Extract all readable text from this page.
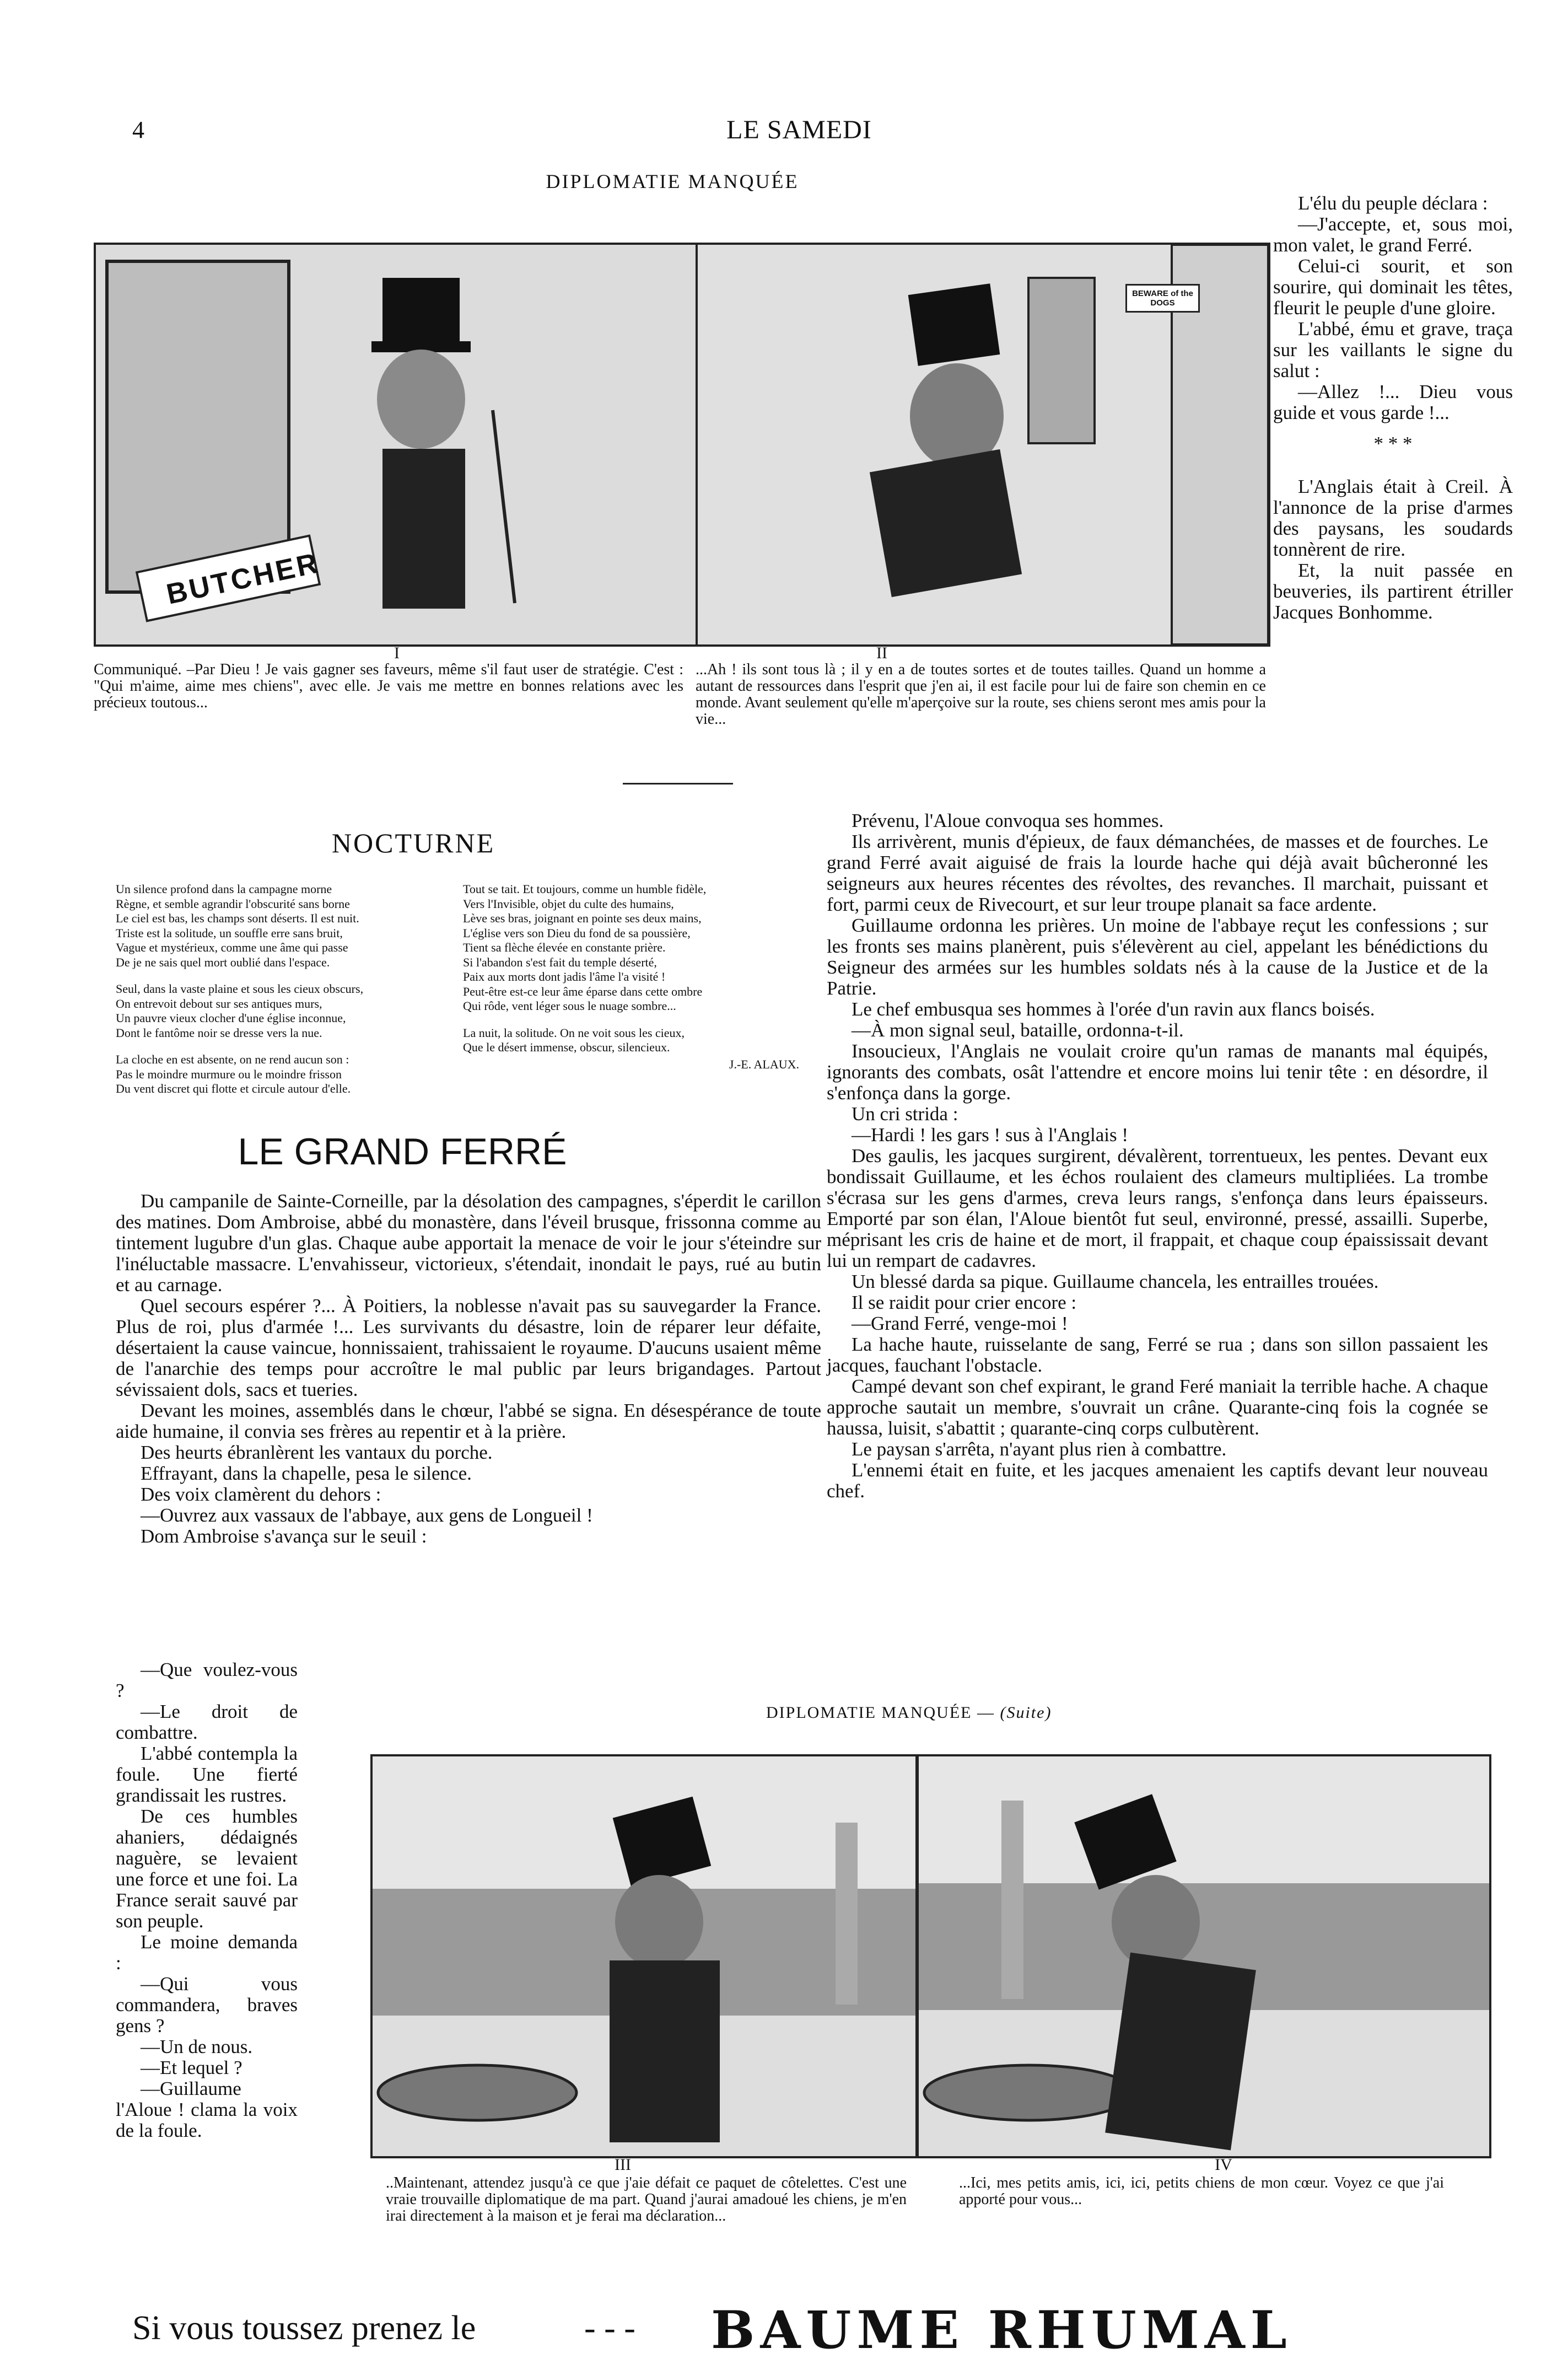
4	LE SAMEDI
DIPLOMATIE MANQUÉE
BUTCHER
BEWARE of the DOGS
I
Communiqué. –Par Dieu ! Je vais gagner ses faveurs, même s'il faut user de stratégie. C'est : "Qui m'aime, aime mes chiens", avec elle. Je vais me mettre en bonnes relations avec les précieux toutous...
II
...Ah ! ils sont tous là ; il y en a de toutes sortes et de toutes tailles. Quand un homme a autant de ressources dans l'esprit que j'en ai, il est facile pour lui de faire son chemin en ce monde. Avant seulement qu'elle m'aperçoive sur la route, ses chiens seront mes amis pour la vie...

L'élu du peuple déclara :

—J'accepte, et, sous moi, mon valet, le grand Ferré.

Celui-ci sourit, et son sourire, qui dominait les têtes, fleurit le peuple d'une gloire.

L'abbé, ému et grave, traça sur les vaillants le signe du salut :

—Allez !... Dieu vous guide et vous garde !...

* * *

L'Anglais était à Creil. À l'annonce de la prise d'armes des paysans, les soudards tonnèrent de rire.

Et, la nuit passée en beuveries, ils partirent étriller Jacques Bonhomme.

NOCTURNE

Un silence profond dans la campagne morne
Règne, et semble agrandir l'obscurité sans borne
Le ciel est bas, les champs sont déserts. Il est nuit.
Triste est la solitude, un souffle erre sans bruit,
Vague et mystérieux, comme une âme qui passe
De je ne sais quel mort oublié dans l'espace.

Seul, dans la vaste plaine et sous les cieux obscurs,
On entrevoit debout sur ses antiques murs,
Un pauvre vieux clocher d'une église inconnue,
Dont le fantôme noir se dresse vers la nue.

La cloche en est absente, on ne rend aucun son :
Pas le moindre murmure ou le moindre frisson
Du vent discret qui flotte et circule autour d'elle.

Tout se tait. Et toujours, comme un humble fidèle,
Vers l'Invisible, objet du culte des humains,
Lève ses bras, joignant en pointe ses deux mains,
L'église vers son Dieu du fond de sa poussière,
Tient sa flèche élevée en constante prière.
Si l'abandon s'est fait du temple déserté,
Paix aux morts dont jadis l'âme l'a visité !
Peut-être est-ce leur âme éparse dans cette ombre
Qui rôde, vent léger sous le nuage sombre...

La nuit, la solitude. On ne voit sous les cieux,
Que le désert immense, obscur, silencieux.

J.-E. ALAUX.
LE GRAND FERRÉ

Du campanile de Sainte-Corneille, par la désolation des campagnes, s'éperdit le carillon des matines. Dom Ambroise, abbé du monastère, dans l'éveil brusque, frissonna comme au tintement lugubre d'un glas. Chaque aube apportait la menace de voir le jour s'éteindre sur l'inéluctable massacre. L'envahisseur, victorieux, s'étendait, inondait le pays, rué au butin et au carnage.

Quel secours espérer ?... À Poitiers, la noblesse n'avait pas su sauvegarder la France. Plus de roi, plus d'armée !... Les survivants du désastre, loin de réparer leur défaite, désertaient la cause vaincue, honnissaient, trahissaient le royaume. D'aucuns usaient même de l'anarchie des temps pour accroître le mal public par leurs brigandages. Partout sévissaient dols, sacs et tueries.

Devant les moines, assemblés dans le chœur, l'abbé se signa. En désespérance de toute aide humaine, il convia ses frères au repentir et à la prière.

Des heurts ébranlèrent les vantaux du porche.

Effrayant, dans la chapelle, pesa le silence.

Des voix clamèrent du dehors :

—Ouvrez aux vassaux de l'abbaye, aux gens de Longueil !

Dom Ambroise s'avança sur le seuil :

—Que voulez-vous ?

—Le droit de combattre.

L'abbé contempla la foule. Une fierté grandissait les rustres.

De ces humbles ahaniers, dédaignés naguère, se levaient une force et une foi. La France serait sauvé par son peuple.

Le moine demanda :

—Qui vous commandera, braves gens ?

—Un de nous.

—Et lequel ?

—Guillaume l'Aloue ! clama la voix de la foule.

Prévenu, l'Aloue convoqua ses hommes.

Ils arrivèrent, munis d'épieux, de faux démanchées, de masses et de fourches. Le grand Ferré avait aiguisé de frais la lourde hache qui déjà avait bûcheronné les seigneurs aux heures récentes des révoltes, des revanches. Il marchait, puissant et fort, parmi ceux de Rivecourt, et sur leur troupe planait sa face ardente.

Guillaume ordonna les prières. Un moine de l'abbaye reçut les confessions ; sur les fronts ses mains planèrent, puis s'élevèrent au ciel, appelant les bénédictions du Seigneur des armées sur les humbles soldats nés à la cause de la Justice et de la Patrie.

Le chef embusqua ses hommes à l'orée d'un ravin aux flancs boisés.

—À mon signal seul, bataille, ordonna-t-il.

Insoucieux, l'Anglais ne voulait croire qu'un ramas de manants mal équipés, ignorants des combats, osât l'attendre et encore moins lui tenir tête : en désordre, il s'enfonça dans la gorge.

Un cri strida :

—Hardi ! les gars ! sus à l'Anglais !

Des gaulis, les jacques surgirent, dévalèrent, torrentueux, les pentes. Devant eux bondissait Guillaume, et les échos roulaient des clameurs multipliées. La trombe s'écrasa sur les gens d'armes, creva leurs rangs, s'enfonça dans leurs épaisseurs. Emporté par son élan, l'Aloue bientôt fut seul, environné, pressé, assailli. Superbe, méprisant les cris de haine et de mort, il frappait, et chaque coup épaississait devant lui un rempart de cadavres.

Un blessé darda sa pique. Guillaume chancela, les entrailles trouées.

Il se raidit pour crier encore :

—Grand Ferré, venge-moi !

La hache haute, ruisselante de sang, Ferré se rua ; dans son sillon passaient les jacques, fauchant l'obstacle.

Campé devant son chef expirant, le grand Feré maniait la terrible hache. A chaque approche sautait un membre, s'ouvrait un crâne. Quarante-cinq fois la cognée se haussa, luisit, s'abattit ; quarante-cinq corps culbutèrent.

Le paysan s'arrêta, n'ayant plus rien à combattre.

L'ennemi était en fuite, et les jacques amenaient les captifs devant leur nouveau chef.

DIPLOMATIE MANQUÉE — (Suite)
III
..Maintenant, attendez jusqu'à ce que j'aie défait ce paquet de côtelettes. C'est une vraie trouvaille diplomatique de ma part. Quand j'aurai amadoué les chiens, je m'en irai directement à la maison et je ferai ma déclaration...
IV
...Ici, mes petits amis, ici, ici, petits chiens de mon cœur. Voyez ce que j'ai apporté pour vous...
Si vous toussez prenez le	- - - BAUME RHUMAL
